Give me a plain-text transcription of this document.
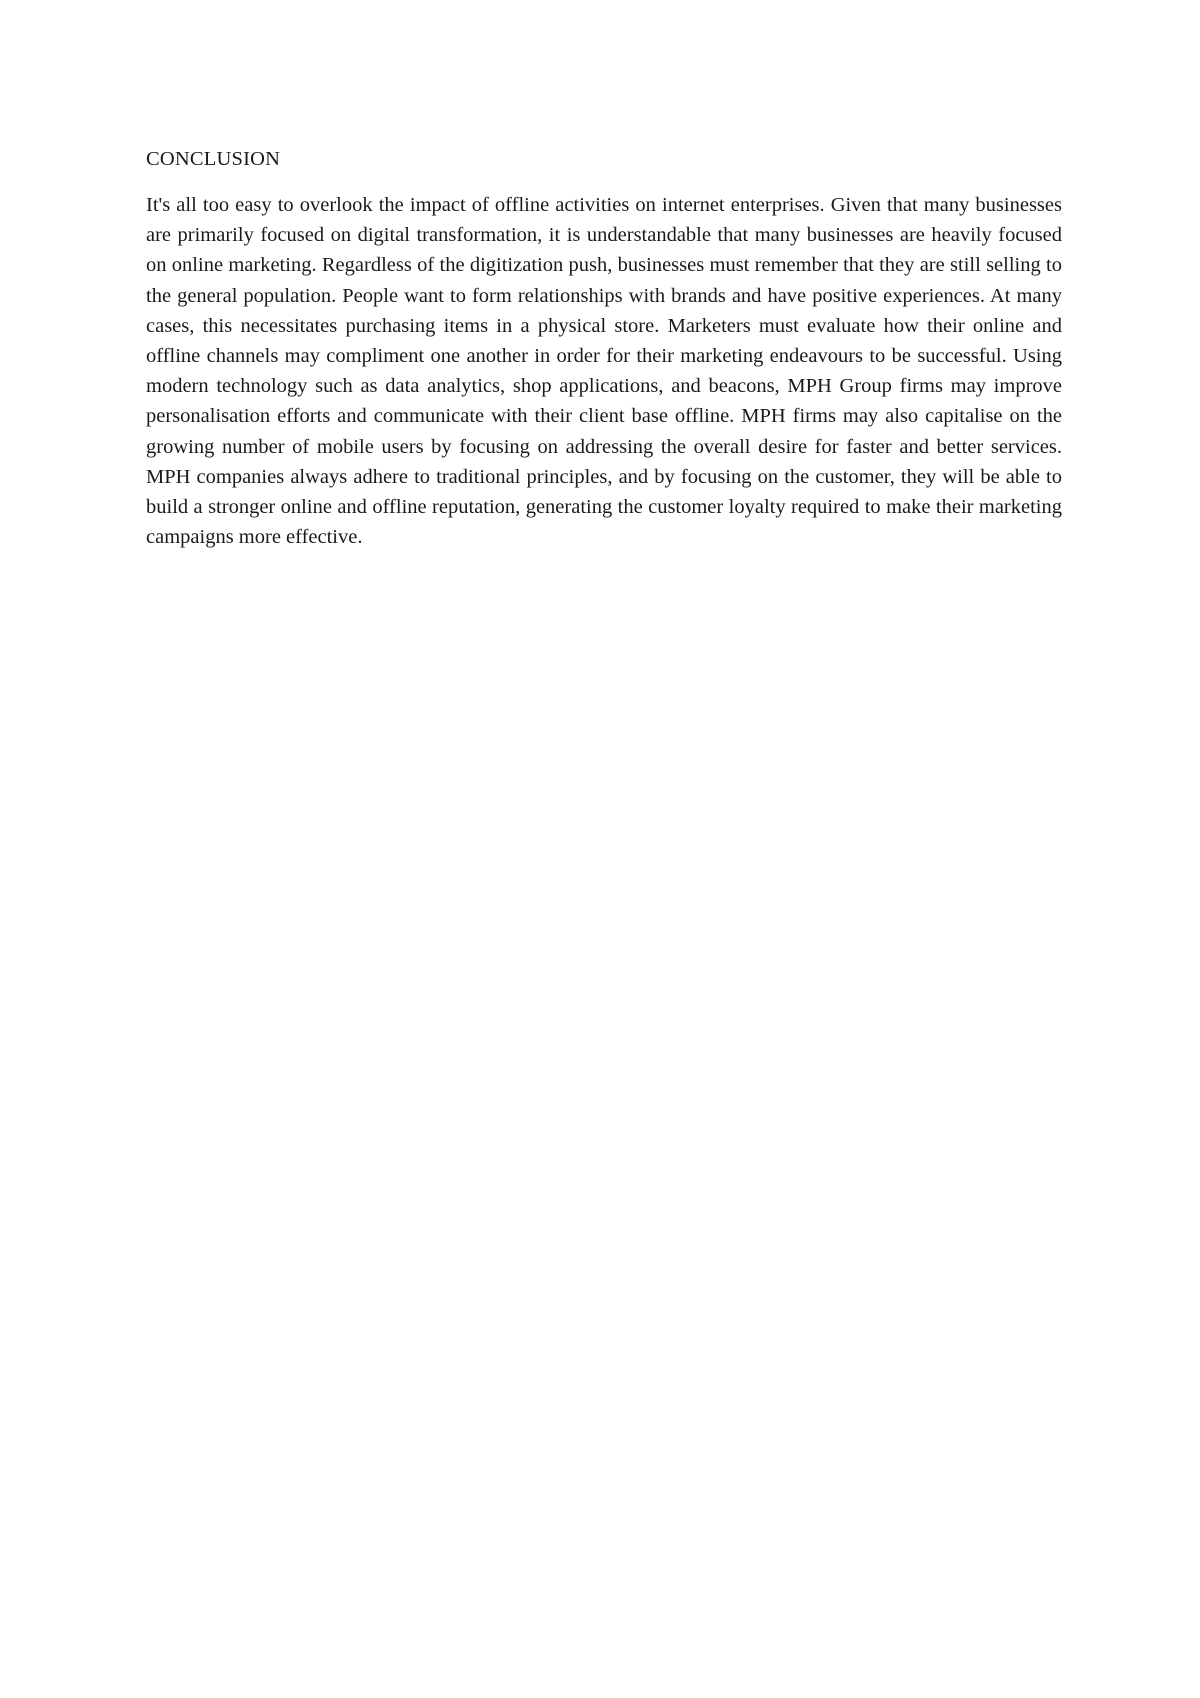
CONCLUSION

It's all too easy to overlook the impact of offline activities on internet enterprises. Given that many businesses are primarily focused on digital transformation, it is understandable that many businesses are heavily focused on online marketing. Regardless of the digitization push, businesses must remember that they are still selling to the general population. People want to form relationships with brands and have positive experiences. At many cases, this necessitates purchasing items in a physical store. Marketers must evaluate how their online and offline channels may compliment one another in order for their marketing endeavours to be successful. Using modern technology such as data analytics, shop applications, and beacons, MPH Group firms may improve personalisation efforts and communicate with their client base offline. MPH firms may also capitalise on the growing number of mobile users by focusing on addressing the overall desire for faster and better services. MPH companies always adhere to traditional principles, and by focusing on the customer, they will be able to build a stronger online and offline reputation, generating the customer loyalty required to make their marketing campaigns more effective.
